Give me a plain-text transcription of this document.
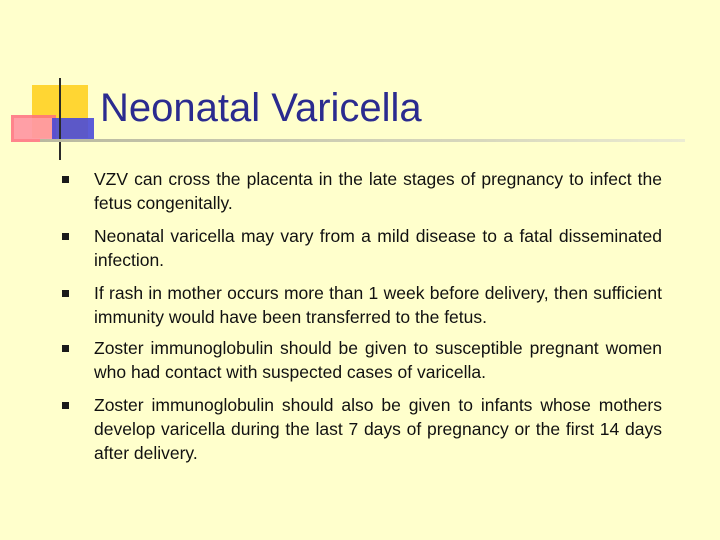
Neonatal Varicella
VZV can cross the placenta in the late stages of pregnancy to infect the fetus congenitally.
Neonatal varicella may vary from a mild disease to a fatal disseminated infection.
If rash in mother occurs more than 1 week before delivery, then sufficient immunity would have been transferred to the fetus.
Zoster immunoglobulin should be given to susceptible pregnant women who had contact with suspected cases of varicella.
Zoster immunoglobulin should also be given to infants whose mothers develop varicella during the last 7 days of pregnancy or the first 14 days after delivery.
